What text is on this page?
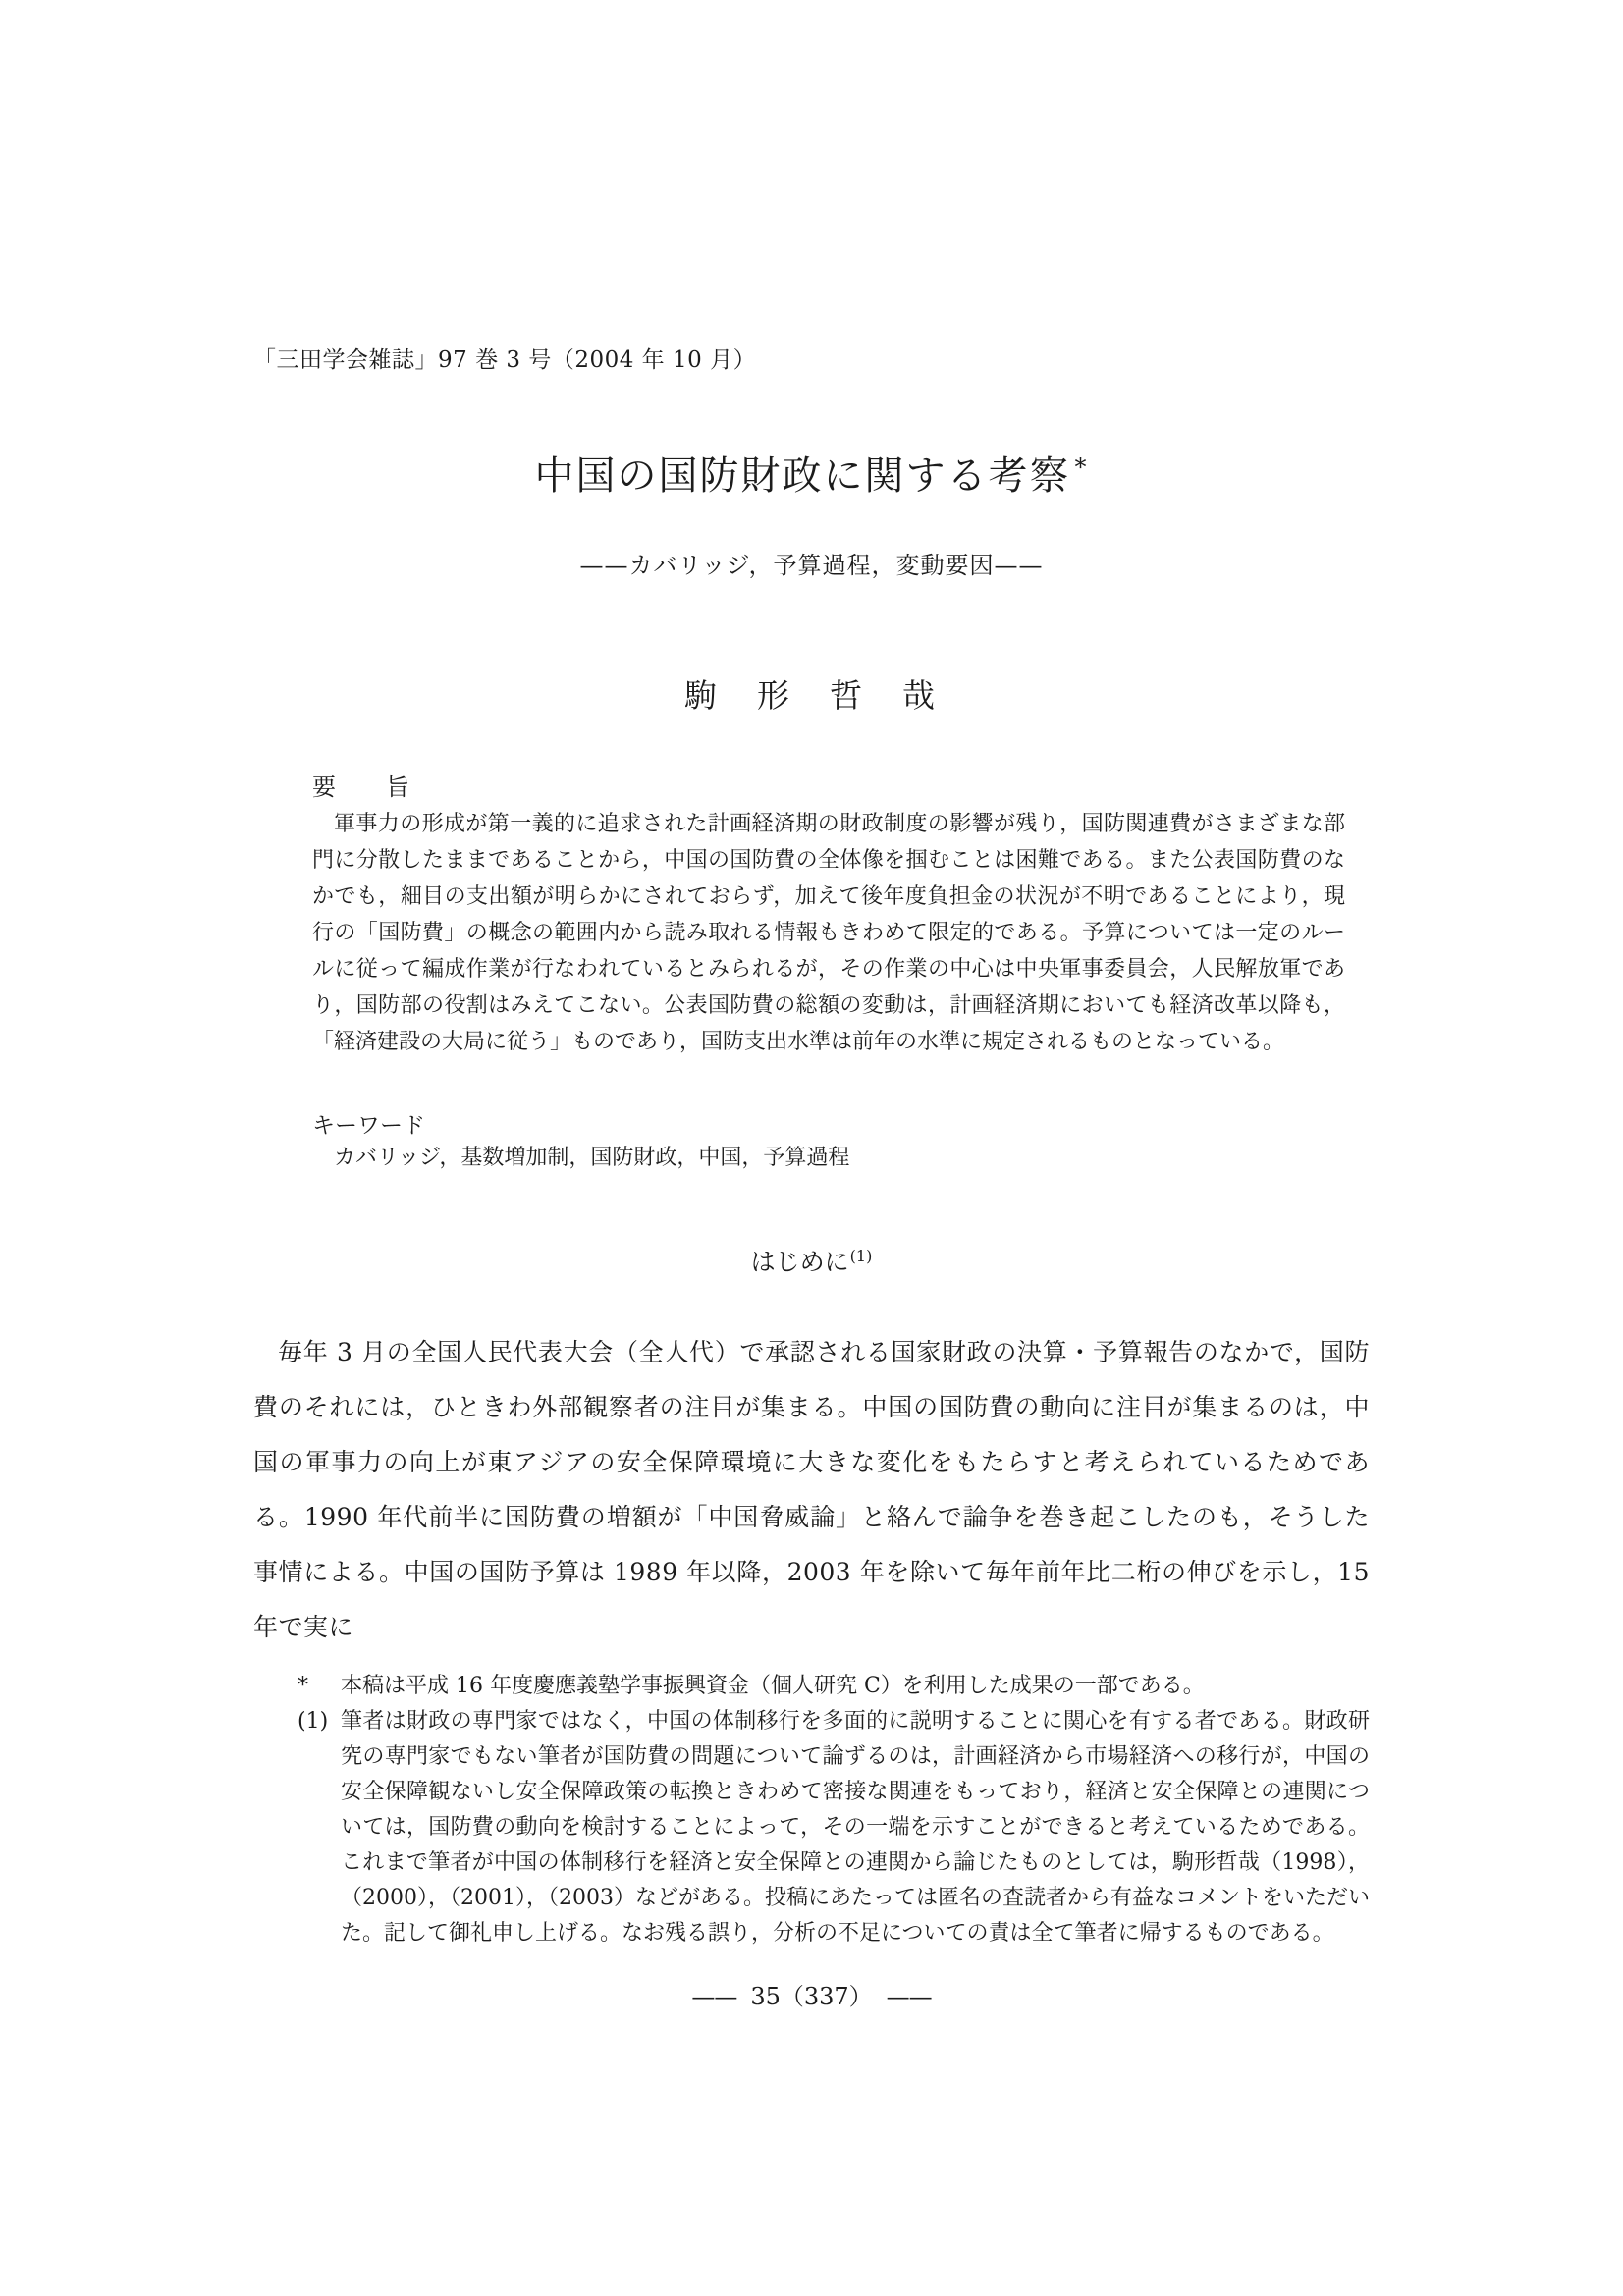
「三田学会雑誌」97 巻 3 号（2004 年 10 月）
中国の国防財政に関する考察 *
——カバリッジ，予算過程，変動要因——
駒　形　哲　哉
要　　旨

軍事力の形成が第一義的に追求された計画経済期の財政制度の影響が残り，国防関連費がさまざまな部門に分散したままであることから，中国の国防費の全体像を掴むことは困難である。また公表国防費のなかでも，細目の支出額が明らかにされておらず，加えて後年度負担金の状況が不明であることにより，現行の「国防費」の概念の範囲内から読み取れる情報もきわめて限定的である。予算については一定のルールに従って編成作業が行なわれているとみられるが，その作業の中心は中央軍事委員会，人民解放軍であり，国防部の役割はみえてこない。公表国防費の総額の変動は，計画経済期においても経済改革以降も，「経済建設の大局に従う」ものであり，国防支出水準は前年の水準に規定されるものとなっている。

キーワード
カバリッジ，基数増加制，国防財政，中国，予算過程
はじめに$^{(1)}$

毎年 3 月の全国人民代表大会（全人代）で承認される国家財政の決算・予算報告のなかで，国防費のそれには，ひときわ外部観察者の注目が集まる。中国の国防費の動向に注目が集まるのは，中国の軍事力の向上が東アジアの安全保障環境に大きな変化をもたらすと考えられているためである。1990 年代前半に国防費の増額が「中国脅威論」と絡んで論争を巻き起こしたのも，そうした事情による。中国の国防予算は 1989 年以降，2003 年を除いて毎年前年比二桁の伸びを示し，15 年で実に

*	本稿は平成 16 年度慶應義塾学事振興資金（個人研究 C）を利用した成果の一部である。
(1) 筆者は財政の専門家ではなく，中国の体制移行を多面的に説明することに関心を有する者である。財政研究の専門家でもない筆者が国防費の問題について論ずるのは，計画経済から市場経済への移行が，中国の安全保障観ないし安全保障政策の転換ときわめて密接な関連をもっており，経済と安全保障との連関については，国防費の動向を検討することによって，その一端を示すことができると考えているためである。これまで筆者が中国の体制移行を経済と安全保障との連関から論じたものとしては，駒形哲哉（1998），（2000），（2001），（2003）などがある。投稿にあたっては匿名の査読者から有益なコメントをいただいた。記して御礼申し上げる。なお残る誤り，分析の不足についての責は全て筆者に帰するものである。
—— 35（337） ——
